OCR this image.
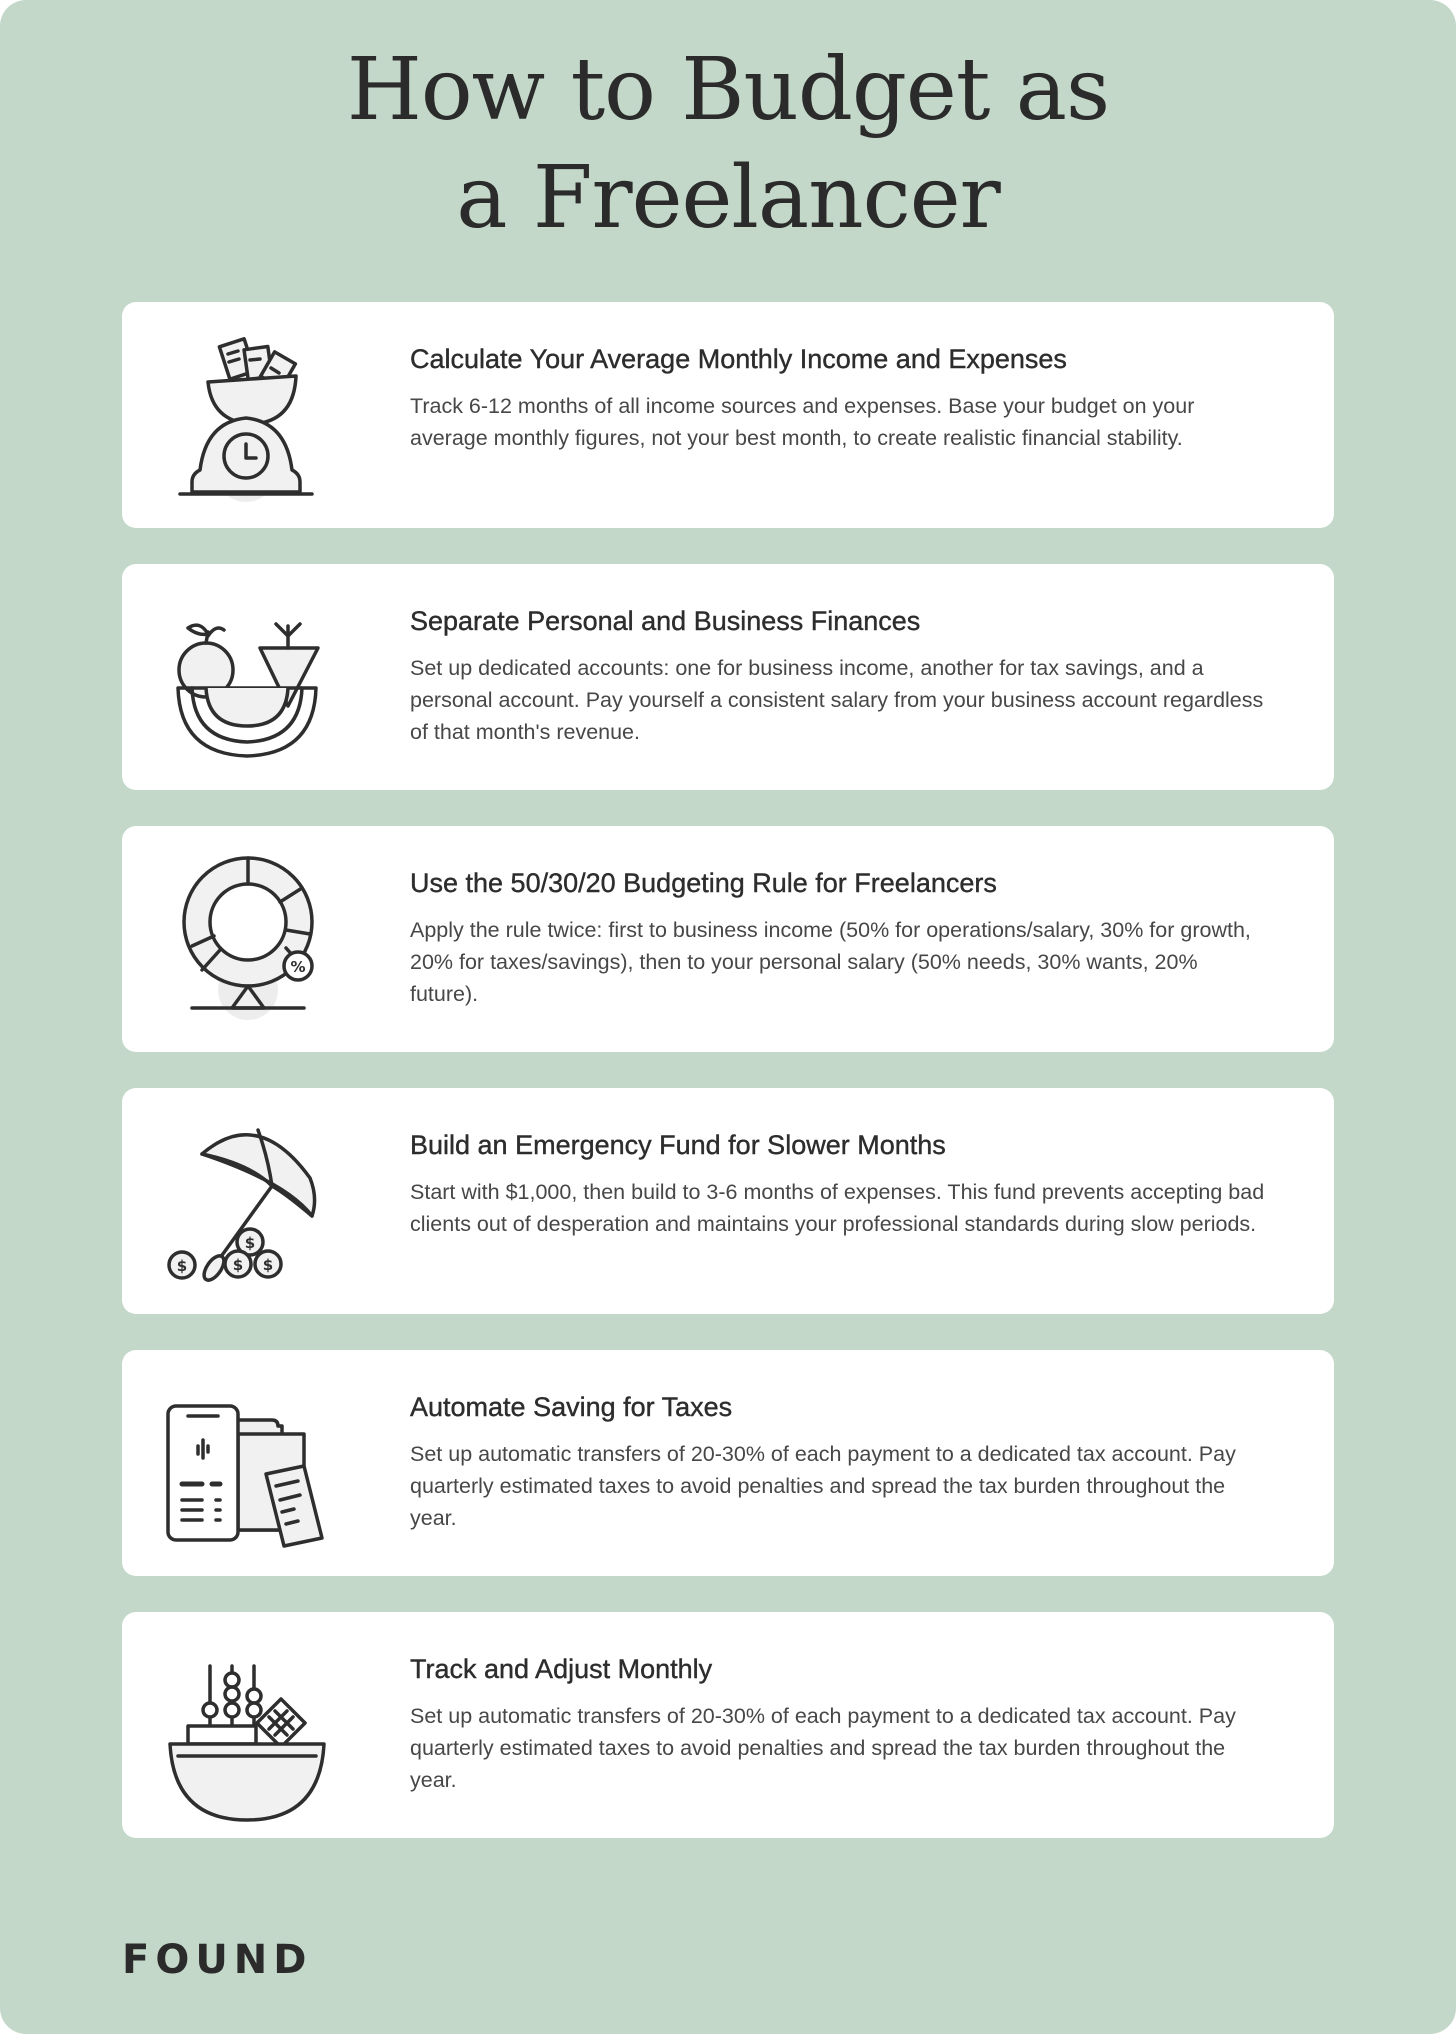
How to Budget as
a Freelancer
Calculate Your Average Monthly Income and Expenses

Track 6-12 months of all income sources and expenses. Base your budget on your average monthly figures, not your best month, to create realistic financial stability.

Separate Personal and Business Finances

Set up dedicated accounts: one for business income, another for tax savings, and a personal account. Pay yourself a consistent salary from your business account regardless of that month's revenue.

%
Use the 50/30/20 Budgeting Rule for Freelancers

Apply the rule twice: first to business income (50% for operations/salary, 30% for growth, 20% for taxes/savings), then to your personal salary (50% needs, 30% wants, 20% future).

$
$	$ $
Build an Emergency Fund for Slower Months

Start with $1,000, then build to 3-6 months of expenses. This fund prevents accepting bad clients out of desperation and maintains your professional standards during slow periods.

Automate Saving for Taxes

Set up automatic transfers of 20-30% of each payment to a dedicated tax account. Pay quarterly estimated taxes to avoid penalties and spread the tax burden throughout the year.

Track and Adjust Monthly

Set up automatic transfers of 20-30% of each payment to a dedicated tax account. Pay quarterly estimated taxes to avoid penalties and spread the tax burden throughout the year.

FOUND
